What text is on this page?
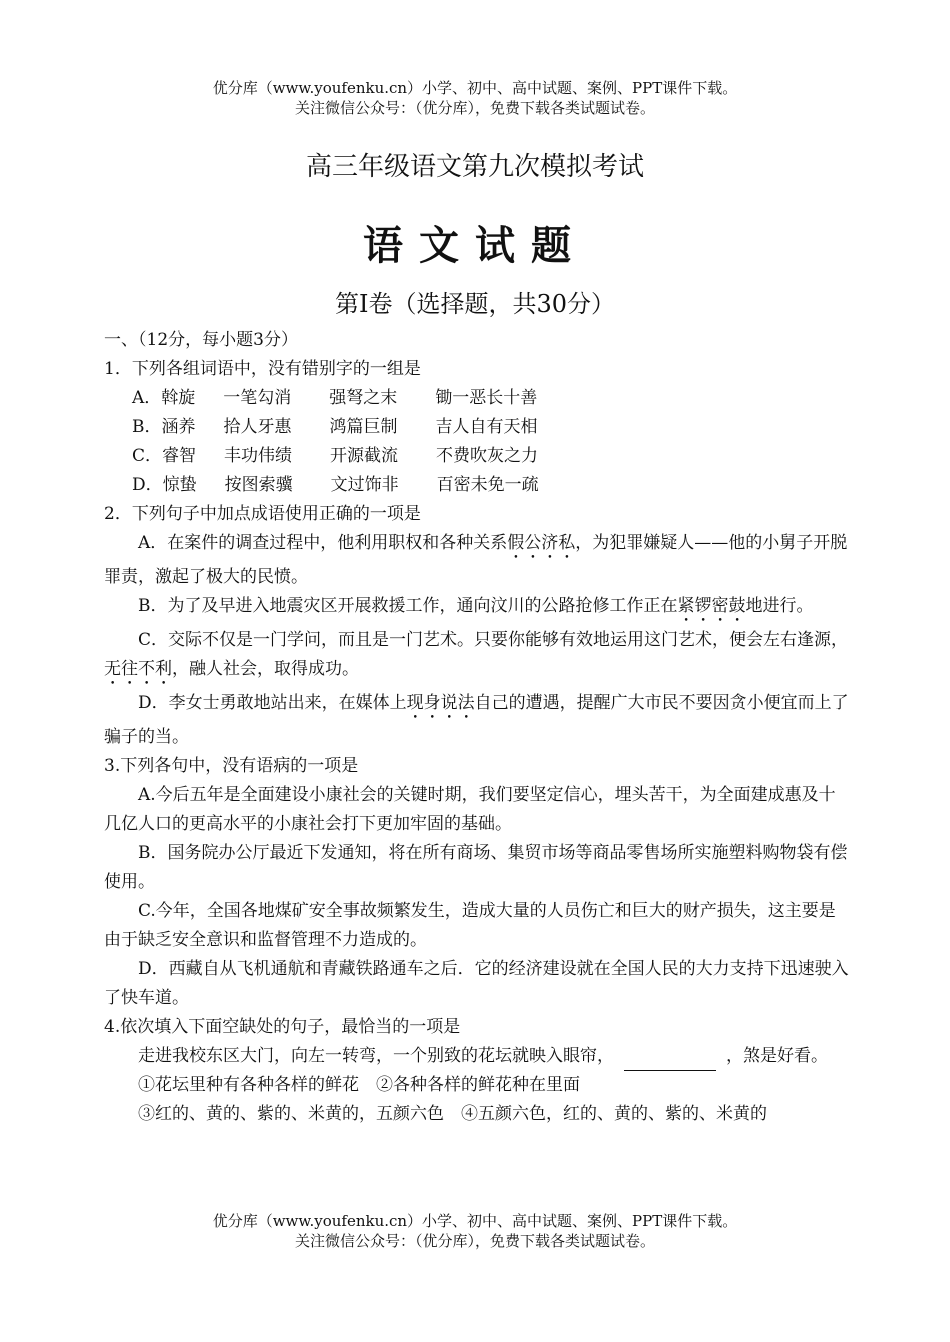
优分库（www.youfenku.cn）小学、初中、高中试题、案例、PPT课件下载。
关注微信公众号：（优分库），免费下载各类试题试卷。
高三年级语文第九次模拟考试
语文试题
第Ⅰ卷（选择题，共30分）

一、（12分，每小题3分）

1．下列各组词语中，没有错别字的一组是

A．斡旋 一笔勾消 强弩之末 锄一恶长十善
B．涵养 拾人牙惠 鸿篇巨制 吉人自有天相
C．睿智 丰功伟绩 开源截流 不费吹灰之力
D．惊蛰 按图索骥 文过饰非 百密未免一疏

2．下列句子中加点成语使用正确的一项是

A．在案件的调查过程中，他利用职权和各种关系假公济私，为犯罪嫌疑人——他的小舅子开脱罪责，激起了极大的民愤。

B．为了及早进入地震灾区开展救援工作，通向汶川的公路抢修工作正在紧锣密鼓地进行。

C．交际不仅是一门学问，而且是一门艺术。只要你能够有效地运用这门艺术，便会左右逢源，无往不利，融人社会，取得成功。

D．李女士勇敢地站出来，在媒体上现身说法自己的遭遇，提醒广大市民不要因贪小便宜而上了骗子的当。

3.下列各句中，没有语病的一项是

A.今后五年是全面建设小康社会的关键时期，我们要坚定信心，埋头苦干，为全面建成惠及十几亿人口的更高水平的小康社会打下更加牢固的基础。

B．国务院办公厅最近下发通知，将在所有商场、集贸市场等商品零售场所实施塑料购物袋有偿使用。

C.今年，全国各地煤矿安全事故频繁发生，造成大量的人员伤亡和巨大的财产损失，这主要是由于缺乏安全意识和监督管理不力造成的。

D．西藏自从飞机通航和青藏铁路通车之后．它的经济建设就在全国人民的大力支持下迅速驶入了快车道。

4.依次填入下面空缺处的句子，最恰当的一项是

走进我校东区大门，向左一转弯，一个别致的花坛就映入眼帘，	，煞是好看。

①花坛里种有各种各样的鲜花　②各种各样的鲜花种在里面

③红的、黄的、紫的、米黄的，五颜六色　④五颜六色，红的、黄的、紫的、米黄的

优分库（www.youfenku.cn）小学、初中、高中试题、案例、PPT课件下载。
关注微信公众号：（优分库），免费下载各类试题试卷。
